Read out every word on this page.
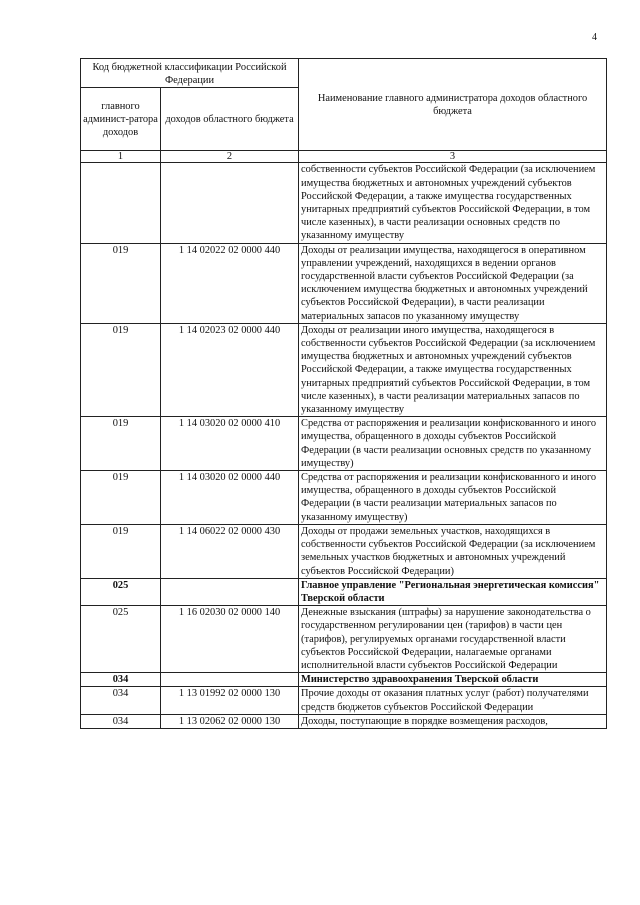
4
Код бюджетной классификации Российской Федерации		Наименование главного администратора доходов областного бюджета
главного админист-ратора доходов	доходов областного бюджета	
1	2	3
		собственности субъектов Российской Федерации (за исключением имущества бюджетных и автономных учреждений субъектов Российской Федерации, а также имущества государственных унитарных предприятий субъектов Российской Федерации, в том числе казенных), в части реализации основных средств по указанному имуществу
019	1 14 02022 02 0000 440	Доходы от реализации имущества, находящегося в оперативном управлении учреждений, находящихся в ведении органов государственной власти субъектов Российской Федерации (за исключением имущества бюджетных и автономных учреждений субъектов Российской Федерации), в части реализации материальных запасов по указанному имуществу
019	1 14 02023 02 0000 440	Доходы от реализации иного имущества, находящегося в собственности субъектов Российской Федерации (за исключением имущества бюджетных и автономных учреждений субъектов Российской Федерации, а также имущества государственных унитарных предприятий субъектов Российской Федерации, в том числе казенных), в части реализации материальных запасов по указанному имуществу
019	1 14 03020 02 0000 410	Средства от распоряжения и реализации конфискованного и иного имущества, обращенного в доходы субъектов Российской Федерации (в части реализации основных средств по указанному имуществу)
019	1 14 03020 02 0000 440	Средства от распоряжения и реализации конфискованного и иного имущества, обращенного в доходы субъектов Российской Федерации (в части реализации материальных запасов по указанному имуществу)
019	1 14 06022 02 0000 430	Доходы от продажи земельных участков, находящихся в собственности субъектов Российской Федерации (за исключением земельных участков бюджетных и автономных учреждений субъектов Российской Федерации)
025		Главное управление "Региональная энергетическая комиссия" Тверской области
025	1 16 02030 02 0000 140	Денежные взыскания (штрафы) за нарушение законодательства о государственном регулировании цен (тарифов) в части цен (тарифов), регулируемых органами государственной власти субъектов Российской Федерации, налагаемые органами исполнительной власти субъектов Российской Федерации
034		Министерство здравоохранения Тверской области
034	1 13 01992 02 0000 130	Прочие доходы от оказания платных услуг (работ) получателями средств бюджетов субъектов Российской Федерации
034	1 13 02062 02 0000 130	Доходы, поступающие в порядке возмещения расходов,
